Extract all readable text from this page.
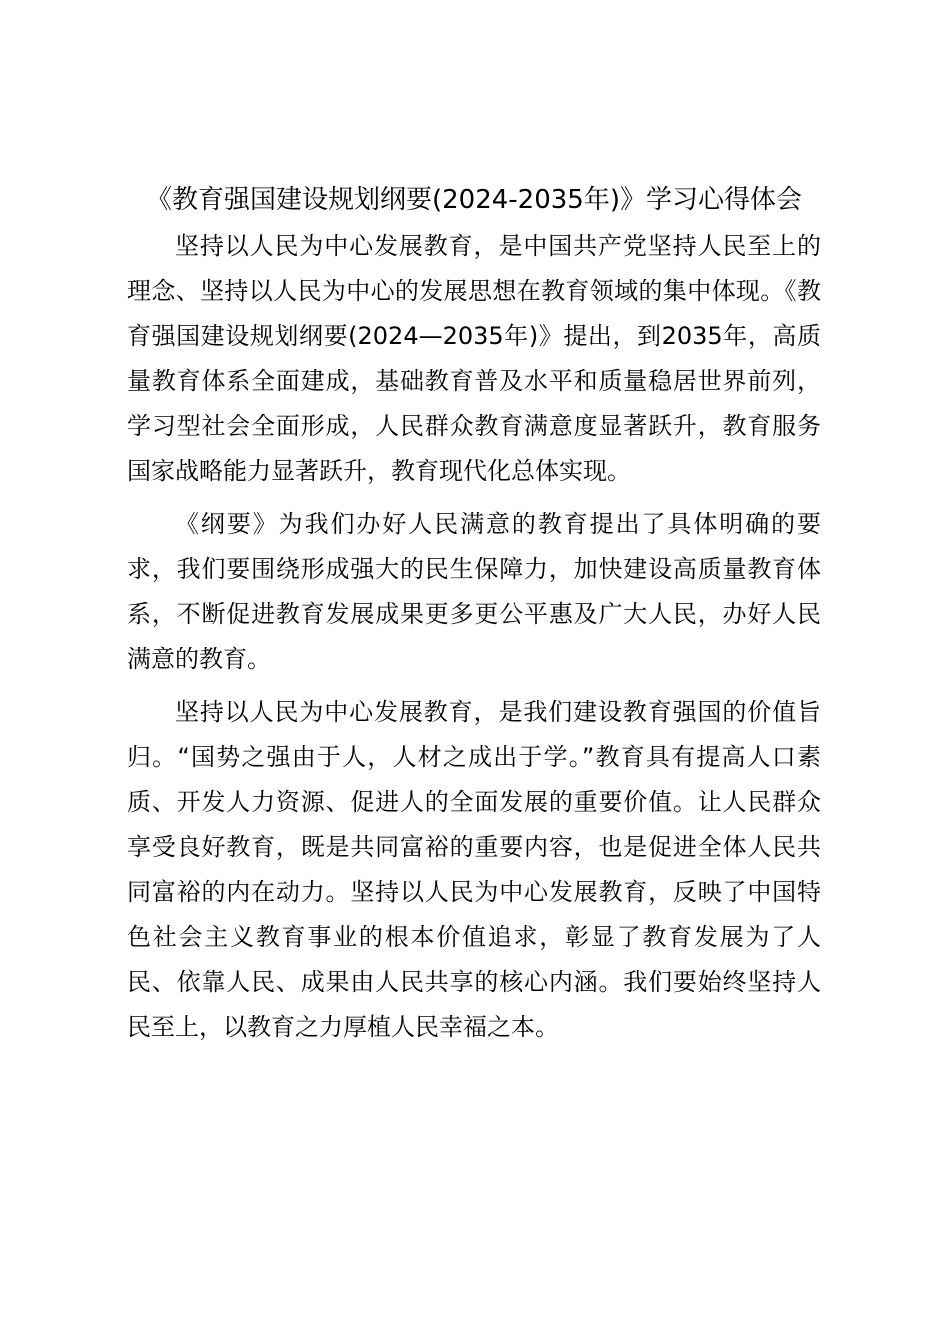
《教育强国建设规划纲要(2024-2035年)》学习心得体会

坚持以人民为中心发展教育，是中国共产党坚持人民至上的理念、坚持以人民为中心的发展思想在教育领域的集中体现。《教育强国建设规划纲要(2024—2035年)》提出，到2035年，高质量教育体系全面建成，基础教育普及水平和质量稳居世界前列，学习型社会全面形成，人民群众教育满意度显著跃升，教育服务国家战略能力显著跃升，教育现代化总体实现。

《纲要》为我们办好人民满意的教育提出了具体明确的要求，我们要围绕形成强大的民生保障力，加快建设高质量教育体系，不断促进教育发展成果更多更公平惠及广大人民，办好人民满意的教育。

坚持以人民为中心发展教育，是我们建设教育强国的价值旨归。“国势之强由于人，人材之成出于学。”教育具有提高人口素质、开发人力资源、促进人的全面发展的重要价值。让人民群众享受良好教育，既是共同富裕的重要内容，也是促进全体人民共同富裕的内在动力。坚持以人民为中心发展教育，反映了中国特色社会主义教育事业的根本价值追求，彰显了教育发展为了人民、依靠人民、成果由人民共享的核心内涵。我们要始终坚持人民至上，以教育之力厚植人民幸福之本。
